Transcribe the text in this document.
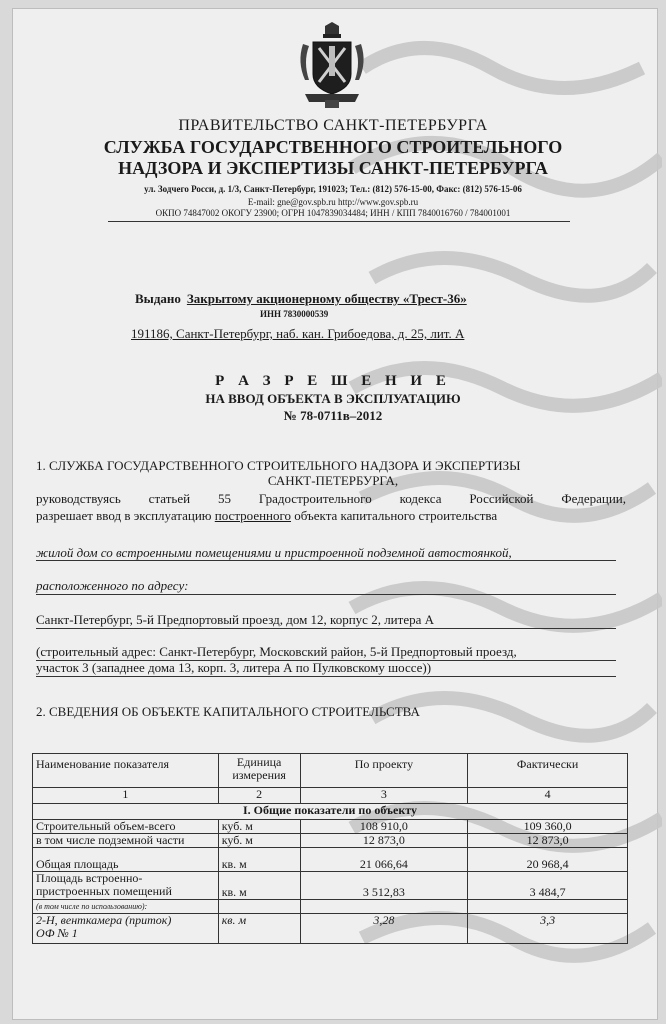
ПРАВИТЕЛЬСТВО САНКТ-ПЕТЕРБУРГА
СЛУЖБА ГОСУДАРСТВЕННОГО СТРОИТЕЛЬНОГО
НАДЗОРА И ЭКСПЕРТИЗЫ САНКТ-ПЕТЕРБУРГА
ул. Зодчего Росси, д. 1/3, Санкт-Петербург, 191023; Тел.: (812) 576-15-00, Факс: (812) 576-15-06
E-mail: gne@gov.spb.ru http://www.gov.spb.ru
ОКПО 74847002 ОКОГУ 23900; ОГРН 1047839034484; ИНН / КПП 7840016760 / 784001001
Выдано Закрытому акционерному обществу «Трест-36»
ИНН 7830000539
191186, Санкт-Петербург, наб. кан. Грибоедова, д. 25, лит. А
Р А З Р Е Ш Е Н И Е
НА ВВОД ОБЪЕКТА В ЭКСПЛУАТАЦИЮ
№ 78-0711в–2012
1. СЛУЖБА ГОСУДАРСТВЕННОГО СТРОИТЕЛЬНОГО НАДЗОРА И ЭКСПЕРТИЗЫ
САНКТ-ПЕТЕРБУРГА,
руководствуясь статьей 55 Градостроительного кодекса Российской Федерации,
разрешает ввод в эксплуатацию построенного объекта капитального строительства
жилой дом со встроенными помещениями и пристроенной подземной автостоянкой,
расположенного по адресу:
Санкт-Петербург, 5-й Предпортовый проезд, дом 12, корпус 2, литера А
(строительный адрес: Санкт-Петербург, Московский район, 5-й Предпортовый проезд,
участок 3 (западнее дома 13, корп. 3, литера А по Пулковскому шоссе))
2. СВЕДЕНИЯ ОБ ОБЪЕКТЕ КАПИТАЛЬНОГО СТРОИТЕЛЬСТВА
Наименование показателя	Единица измерения	По проекту	Фактически
1	2	3	4
I. Общие показатели по объекту			
Строительный объем-всего	куб. м	108 910,0	109 360,0
в том числе подземной части	куб. м	12 873,0	12 873,0
Общая площадь	кв. м	21 066,64	20 968,4

Площадь встроенно-
пристроенных помещений	кв. м	3 512,83	3 484,7
(в том числе по использованию):			

2-Н, венткамера (приток)
ОФ № 1	кв. м	3,28	3,3
